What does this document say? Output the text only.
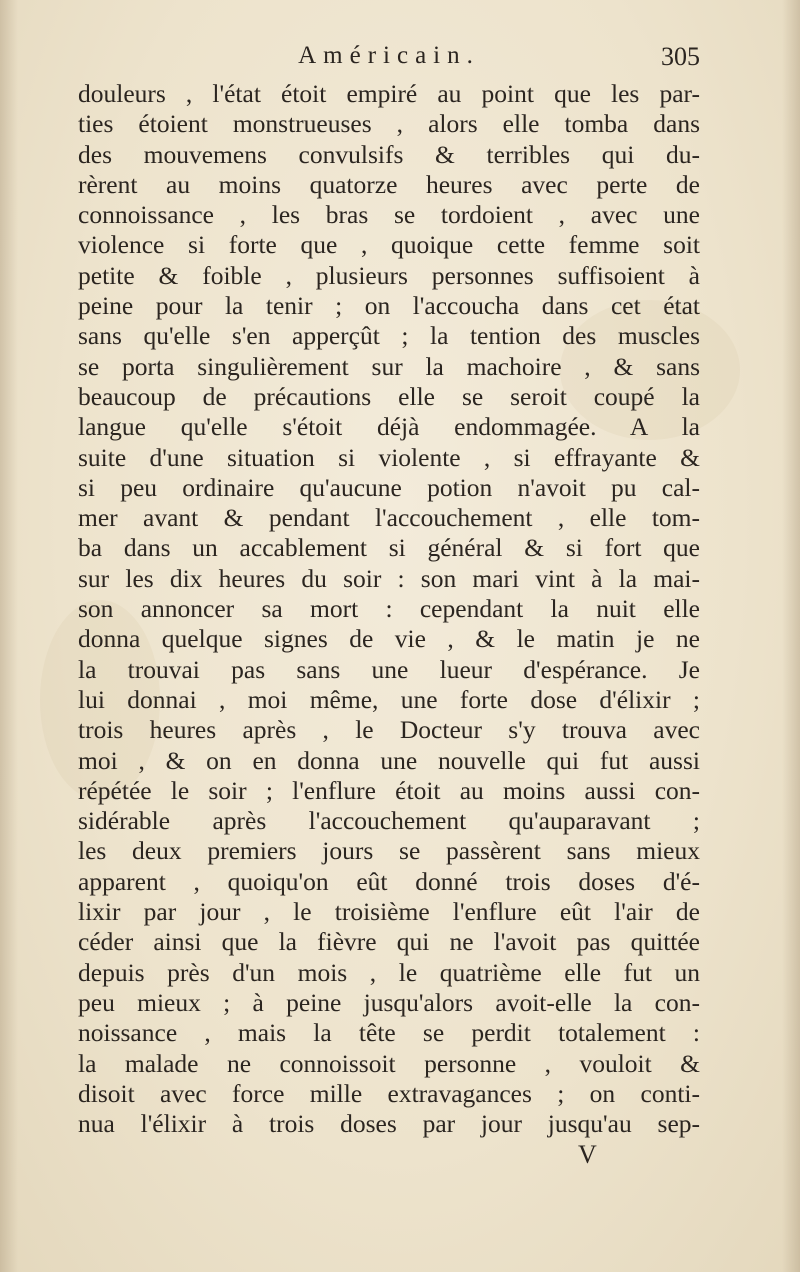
Américain.	305
douleurs , l'état étoit empiré au point que les par-
ties étoient monstrueuses , alors elle tomba dans
des mouvemens convulsifs & terribles qui du-
rèrent au moins quatorze heures avec perte de
connoissance , les bras se tordoient , avec une
violence si forte que , quoique cette femme soit
petite & foible , plusieurs personnes suffisoient à
peine pour la tenir ; on l'accoucha dans cet état
sans qu'elle s'en apperçût ; la tention des muscles
se porta singulièrement sur la machoire , & sans
beaucoup de précautions elle se seroit coupé la
langue qu'elle s'étoit déjà endommagée. A la
suite d'une situation si violente , si effrayante &
si peu ordinaire qu'aucune potion n'avoit pu cal-
mer avant & pendant l'accouchement , elle tom-
ba dans un accablement si général & si fort que
sur les dix heures du soir : son mari vint à la mai-
son annoncer sa mort : cependant la nuit elle
donna quelque signes de vie , & le matin je ne
la trouvai pas sans une lueur d'espérance. Je
lui donnai , moi même, une forte dose d'élixir ;
trois heures après , le Docteur s'y trouva avec
moi , & on en donna une nouvelle qui fut aussi
répétée le soir ; l'enflure étoit au moins aussi con-
sidérable après l'accouchement qu'auparavant ;
les deux premiers jours se passèrent sans mieux
apparent , quoiqu'on eût donné trois doses d'é-
lixir par jour , le troisième l'enflure eût l'air de
céder ainsi que la fièvre qui ne l'avoit pas quittée
depuis près d'un mois , le quatrième elle fut un
peu mieux ; à peine jusqu'alors avoit-elle la con-
noissance , mais la tête se perdit totalement :
la malade ne connoissoit personne , vouloit &
disoit avec force mille extravagances ; on conti-
nua l'élixir à trois doses par jour jusqu'au sep-
V
